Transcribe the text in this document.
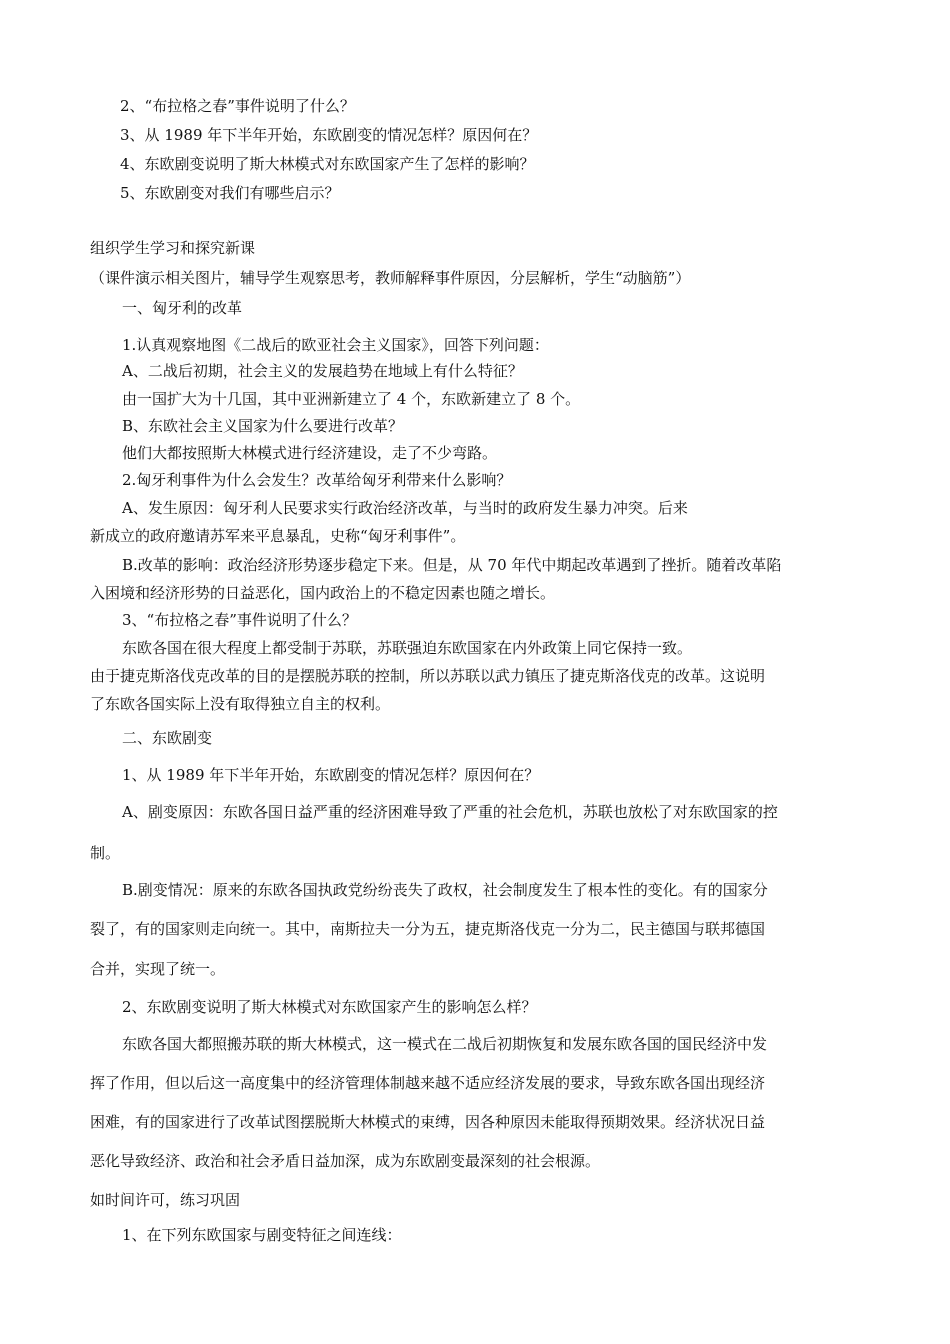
2、“布拉格之春”事件说明了什么？

3、从 1989 年下半年开始，东欧剧变的情况怎样？原因何在？

4、东欧剧变说明了斯大林模式对东欧国家产生了怎样的影响？

5、东欧剧变对我们有哪些启示？

组织学生学习和探究新课

（课件演示相关图片，辅导学生观察思考，教师解释事件原因，分层解析，学生“动脑筋”）

一、匈牙利的改革

1.认真观察地图《二战后的欧亚社会主义国家》，回答下列问题：

A、二战后初期，社会主义的发展趋势在地域上有什么特征？

由一国扩大为十几国，其中亚洲新建立了 4 个，东欧新建立了 8 个。

B、东欧社会主义国家为什么要进行改革？

他们大都按照斯大林模式进行经济建设，走了不少弯路。

2.匈牙利事件为什么会发生？改革给匈牙利带来什么影响？

A、发生原因：匈牙利人民要求实行政治经济改革，与当时的政府发生暴力冲突。后来

新成立的政府邀请苏军来平息暴乱，史称“匈牙利事件”。

B.改革的影响：政治经济形势逐步稳定下来。但是，从 70 年代中期起改革遇到了挫折。随着改革陷

入困境和经济形势的日益恶化，国内政治上的不稳定因素也随之增长。

3、“布拉格之春”事件说明了什么？

东欧各国在很大程度上都受制于苏联，苏联强迫东欧国家在内外政策上同它保持一致。

由于捷克斯洛伐克改革的目的是摆脱苏联的控制，所以苏联以武力镇压了捷克斯洛伐克的改革。这说明

了东欧各国实际上没有取得独立自主的权利。

二、东欧剧变

1、从 1989 年下半年开始，东欧剧变的情况怎样？原因何在？

A、剧变原因：东欧各国日益严重的经济困难导致了严重的社会危机，苏联也放松了对东欧国家的控

制。

B.剧变情况：原来的东欧各国执政党纷纷丧失了政权，社会制度发生了根本性的变化。有的国家分

裂了，有的国家则走向统一。其中，南斯拉夫一分为五，捷克斯洛伐克一分为二，民主德国与联邦德国

合并，实现了统一。

2、东欧剧变说明了斯大林模式对东欧国家产生的影响怎么样？

东欧各国大都照搬苏联的斯大林模式，这一模式在二战后初期恢复和发展东欧各国的国民经济中发

挥了作用，但以后这一高度集中的经济管理体制越来越不适应经济发展的要求，导致东欧各国出现经济

困难，有的国家进行了改革试图摆脱斯大林模式的束缚，因各种原因未能取得预期效果。经济状况日益

恶化导致经济、政治和社会矛盾日益加深，成为东欧剧变最深刻的社会根源。

如时间许可，练习巩固

1、在下列东欧国家与剧变特征之间连线：
